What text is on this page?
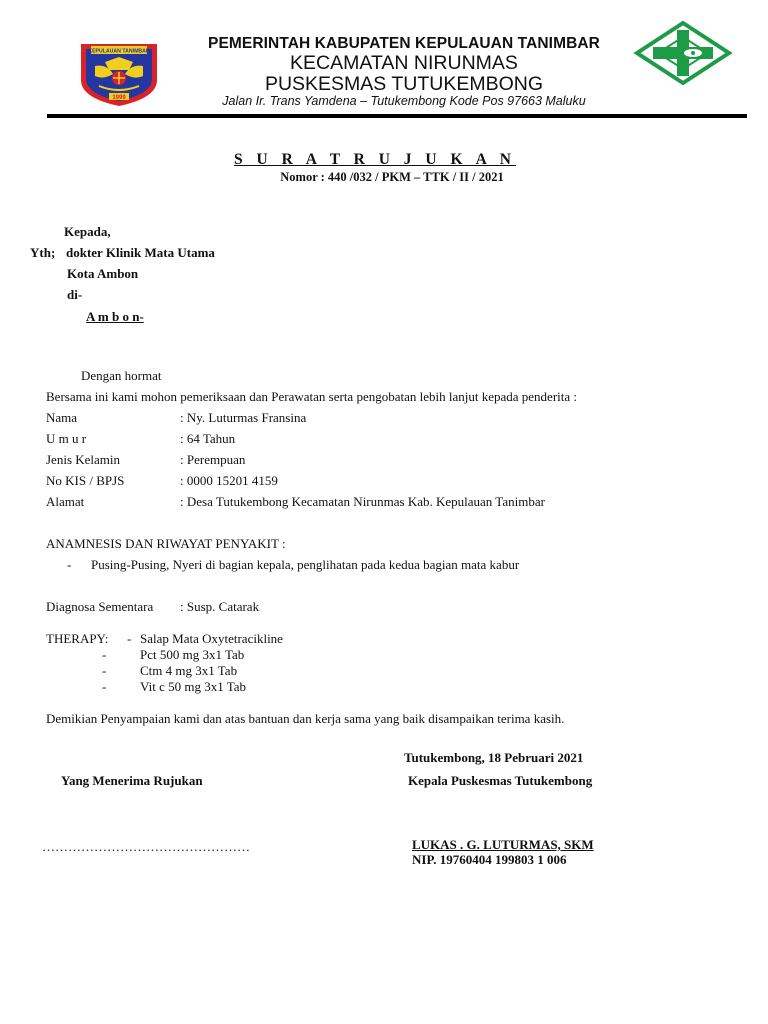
KEPULAUAN TANIMBAR
1999
PEMERINTAH KABUPATEN KEPULAUAN TANIMBAR
KECAMATAN NIRUNMAS
PUSKESMAS TUTUKEMBONG
Jalan Ir. Trans Yamdena – Tutukembong Kode Pos 97663 Maluku
S U R A T R U J U K A N
Nomor : 440 /032 / PKM – TTK / II / 2021
Kepada,
Yth; dokter Klinik Mata Utama
Kota Ambon
di-
A m b o n-
Dengan hormat
Bersama ini kami mohon pemeriksaan dan Perawatan serta pengobatan lebih lanjut kepada penderita :
Nama	: Ny. Luturmas Fransina
U m u r	: 64 Tahun
Jenis Kelamin	: Perempuan
No KIS / BPJS	: 0000 15201 4159
Alamat	: Desa Tutukembong Kecamatan Nirunmas Kab. Kepulauan Tanimbar
ANAMNESIS DAN RIWAYAT PENYAKIT :
- Pusing-Pusing, Nyeri di bagian kepala, penglihatan pada kedua bagian mata kabur
Diagnosa Sementara : Susp. Catarak
THERAPY: - Salap Mata Oxytetracikline
-	Pct 500 mg 3x1 Tab
-	Ctm 4 mg 3x1 Tab
-	Vit c 50 mg 3x1 Tab
Demikian Penyampaian kami dan atas bantuan dan kerja sama yang baik disampaikan terima kasih.
Tutukembong, 18 Pebruari 2021
Yang Menerima Rujukan	Kepala Puskesmas Tutukembong
…………………………………………	LUKAS . G. LUTURMAS, SKM
NIP. 19760404 199803 1 006
